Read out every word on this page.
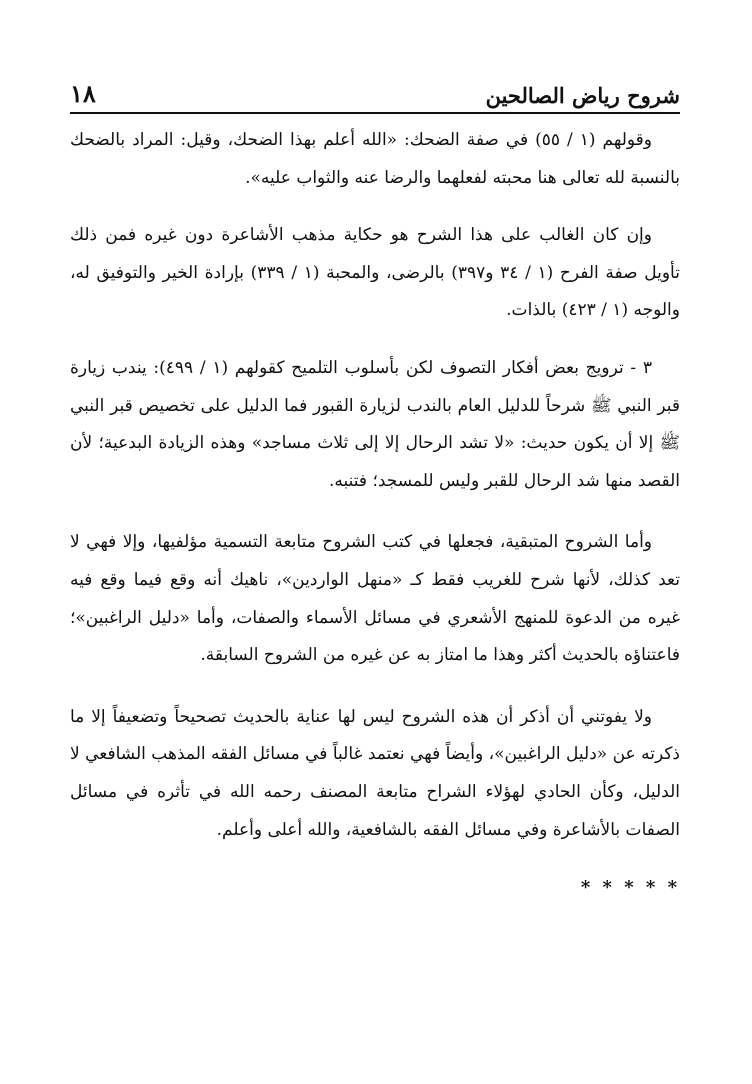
شروح رياض الصالحين
١٨

وقولهم (١ / ٥٥) في صفة الضحك: «الله أعلم بهذا الضحك، وقيل: المراد بالضحك بالنسبة لله تعالى هنا محبته لفعلهما والرضا عنه والثواب عليه».

وإن كان الغالب على هذا الشرح هو حكاية مذهب الأشاعرة دون غيره فمن ذلك تأويل صفة الفرح (١ / ٣٤ و٣٩٧) بالرضى، والمحبة (١ / ٣٣٩) بإرادة الخير والتوفيق له، والوجه (١ / ٤٢٣) بالذات.

٣ - ترويج بعض أفكار التصوف لكن بأسلوب التلميح كقولهم (١ / ٤٩٩): يندب زيارة قبر النبي ﷺ شرحاً للدليل العام بالندب لزيارة القبور فما الدليل على تخصيص قبر النبي ﷺ إلا أن يكون حديث: «لا تشد الرحال إلا إلى ثلاث مساجد» وهذه الزيادة البدعية؛ لأن القصد منها شد الرحال للقبر وليس للمسجد؛ فتنبه.

وأما الشروح المتبقية، فجعلها في كتب الشروح متابعة التسمية مؤلفيها، وإلا فهي لا تعد كذلك، لأنها شرح للغريب فقط كـ «منهل الواردين»، ناهيك أنه وقع فيما وقع فيه غيره من الدعوة للمنهج الأشعري في مسائل الأسماء والصفات، وأما «دليل الراغبين»؛ فاعتناؤه بالحديث أكثر وهذا ما امتاز به عن غيره من الشروح السابقة.

ولا يفوتني أن أذكر أن هذه الشروح ليس لها عناية بالحديث تصحيحاً وتضعيفاً إلا ما ذكرته عن «دليل الراغبين»، وأيضاً فهي نعتمد غالباً في مسائل الفقه المذهب الشافعي لا الدليل، وكأن الحادي لهؤلاء الشراح متابعة المصنف رحمه الله في تأثره في مسائل الصفات بالأشاعرة وفي مسائل الفقه بالشافعية، والله أعلى وأعلم.

* * * * *
